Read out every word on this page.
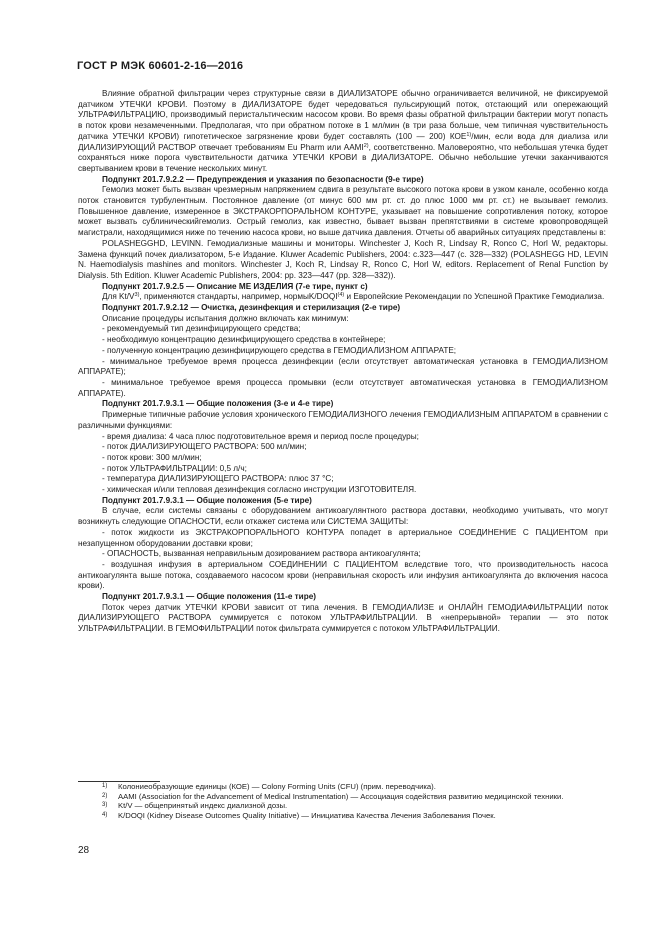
ГОСТ Р МЭК 60601-2-16—2016

Влияние обратной фильтрации через структурные связи в ДИАЛИЗАТОРЕ обычно ограничивается величиной, не фиксируемой датчиком УТЕЧКИ КРОВИ. Поэтому в ДИАЛИЗАТОРЕ будет чередоваться пульсирующий поток, отстающий или опережающий УЛЬТРАФИЛЬТРАЦИЮ, производимый перистальтическим насосом крови. Во время фазы обратной фильтрации бактерии могут попасть в поток крови незамеченными. Предполагая, что при обратном потоке в 1 мл/мин (в три раза больше, чем типичная чувствительность датчика УТЕЧКИ КРОВИ) гипотетическое загрязнение крови будет составлять (100 — 200) КОЕ$^{1)}$/мин, если вода для диализа или ДИАЛИЗИРУЮЩИЙ РАСТВОР отвечает требованиям Eu Pharm или AAMI$^{2)}$, соответственно. Маловероятно, что небольшая утечка будет сохраняться ниже порога чувствительности датчика УТЕЧКИ КРОВИ в ДИАЛИЗАТОРЕ. Обычно небольшие утечки заканчиваются свертыванием крови в течение нескольких минут.

Подпункт 201.7.9.2.2 — Предупреждения и указания по безопасности (9-е тире)

Гемолиз может быть вызван чрезмерным напряжением сдвига в результате высокого потока крови в узком канале, особенно когда поток становится турбулентным. Постоянное давление (от минус 600 мм рт. ст. до плюс 1000 мм рт. ст.) не вызывает гемолиз. Повышенное давление, измеренное в ЭКСТРАКОРПОРАЛЬНОМ КОНТУРЕ, указывает на повышение сопротивления потоку, которое может вызвать сублиническийгемолиз. Острый гемолиз, как известно, бывает вызван препятствиями в системе кровопроводящей магистрали, находящимися ниже по течению насоса крови, но выше датчика давления. Отчеты об аварийных ситуациях представлены в:

POLASHEGGHD, LEVINN. Гемодиализные машины и мониторы. Winchester J, Koch R, Lindsay R, Ronco C, Horl W, редакторы. Замена функций почек диализатором, 5-е Издание. Kluwer Academic Publishers, 2004: с.323—447 (с. 328—332) (POLASHEGG HD, LEVIN N. Haemodialysis mashines and monitors. Winchester J, Koch R, Lindsay R, Ronco C, Horl W, editors. Replacement of Renal Function by Dialysis. 5th Edition. Kluwer Academic Publishers, 2004: pp. 323—447 (pp. 328—332)).

Подпункт 201.7.9.2.5 — Описание ME ИЗДЕЛИЯ (7-е тире, пункт с)

Для $Kt/V^{3)}$, применяются стандарты, например, нормыK/DOQI$^{(4)}$ и Европейские Рекомендации по Успешной Практике Гемодиализа.

Подпункт 201.7.9.2.12 — Очистка, дезинфекция и стерилизация (2-е тире)

Описание процедуры испытания должно включать как минимум:

- рекомендуемый тип дезинфицирующего средства;

- необходимую концентрацию дезинфицирующего средства в контейнере;

- полученную концентрацию дезинфицирующего средства в ГЕМОДИАЛИЗНОМ АППАРАТЕ;

- минимальное требуемое время процесса дезинфекции (если отсутствует автоматическая установка в ГЕМОДИАЛИЗНОМ АППАРАТЕ);

- минимальное требуемое время процесса промывки (если отсутствует автоматическая установка в ГЕМОДИАЛИЗНОМ АППАРАТЕ).

Подпункт 201.7.9.3.1 — Общие положения (3-е и 4-е тире)

Примерные типичные рабочие условия хронического ГЕМОДИАЛИЗНОГО лечения ГЕМОДИАЛИЗНЫМ АППАРАТОМ в сравнении с различными функциями:

- время диализа: 4 часа плюс подготовительное время и период после процедуры;

- поток ДИАЛИЗИРУЮЩЕГО РАСТВОРА: 500 мл/мин;

- поток крови: 300 мл/мин;

- поток УЛЬТРАФИЛЬТРАЦИИ: 0,5 л/ч;

- температура ДИАЛИЗИРУЮЩЕГО РАСТВОРА: плюс 37 °С;

- химическая и/или тепловая дезинфекция согласно инструкции ИЗГОТОВИТЕЛЯ.

Подпункт 201.7.9.3.1 — Общие положения (5-е тире)

В случае, если системы связаны с оборудованием антикоагулянтного раствора доставки, необходимо учитывать, что могут возникнуть следующие ОПАСНОСТИ, если откажет система или СИСТЕМА ЗАЩИТЫ:

- поток жидкости из ЭКСТРАКОРПОРАЛЬНОГО КОНТУРА попадет в артериальное СОЕДИНЕНИЕ С ПАЦИЕНТОМ при незапущенном оборудовании доставки крови;

- ОПАСНОСТЬ, вызванная неправильным дозированием раствора антикоагулянта;

- воздушная инфузия в артериальном СОЕДИНЕНИИ С ПАЦИЕНТОМ вследствие того, что производительность насоса антикоагулянта выше потока, создаваемого насосом крови (неправильная скорость или инфузия антикоагулянта до включения насоса крови).

Подпункт 201.7.9.3.1 — Общие положения (11-е тире)

Поток через датчик УТЕЧКИ КРОВИ зависит от типа лечения. В ГЕМОДИАЛИЗЕ и ОНЛАЙН ГЕМОДИАФИЛЬТРАЦИИ поток ДИАЛИЗИРУЮЩЕГО РАСТВОРА суммируется с потоком УЛЬТРАФИЛЬТРАЦИИ. В «непрерывной» терапии — это поток УЛЬТРАФИЛЬТРАЦИИ. В ГЕМОФИЛЬТРАЦИИ поток фильтрата суммируется с потоком УЛЬТРАФИЛЬТРАЦИИ.

1) Колониеобразующие единицы (КОЕ) — Colony Forming Units (CFU) (прим. переводчика).

2) AAMI (Association for the Advancement of Medical Instrumentation) — Ассоциация содействия развитию медицинской техники.

3) Kt/V — общепринятый индекс диализной дозы.

4) K/DOQI (Kidney Disease Outcomes Quality Initiative) — Инициатива Качества Лечения Заболевания Почек.

28
